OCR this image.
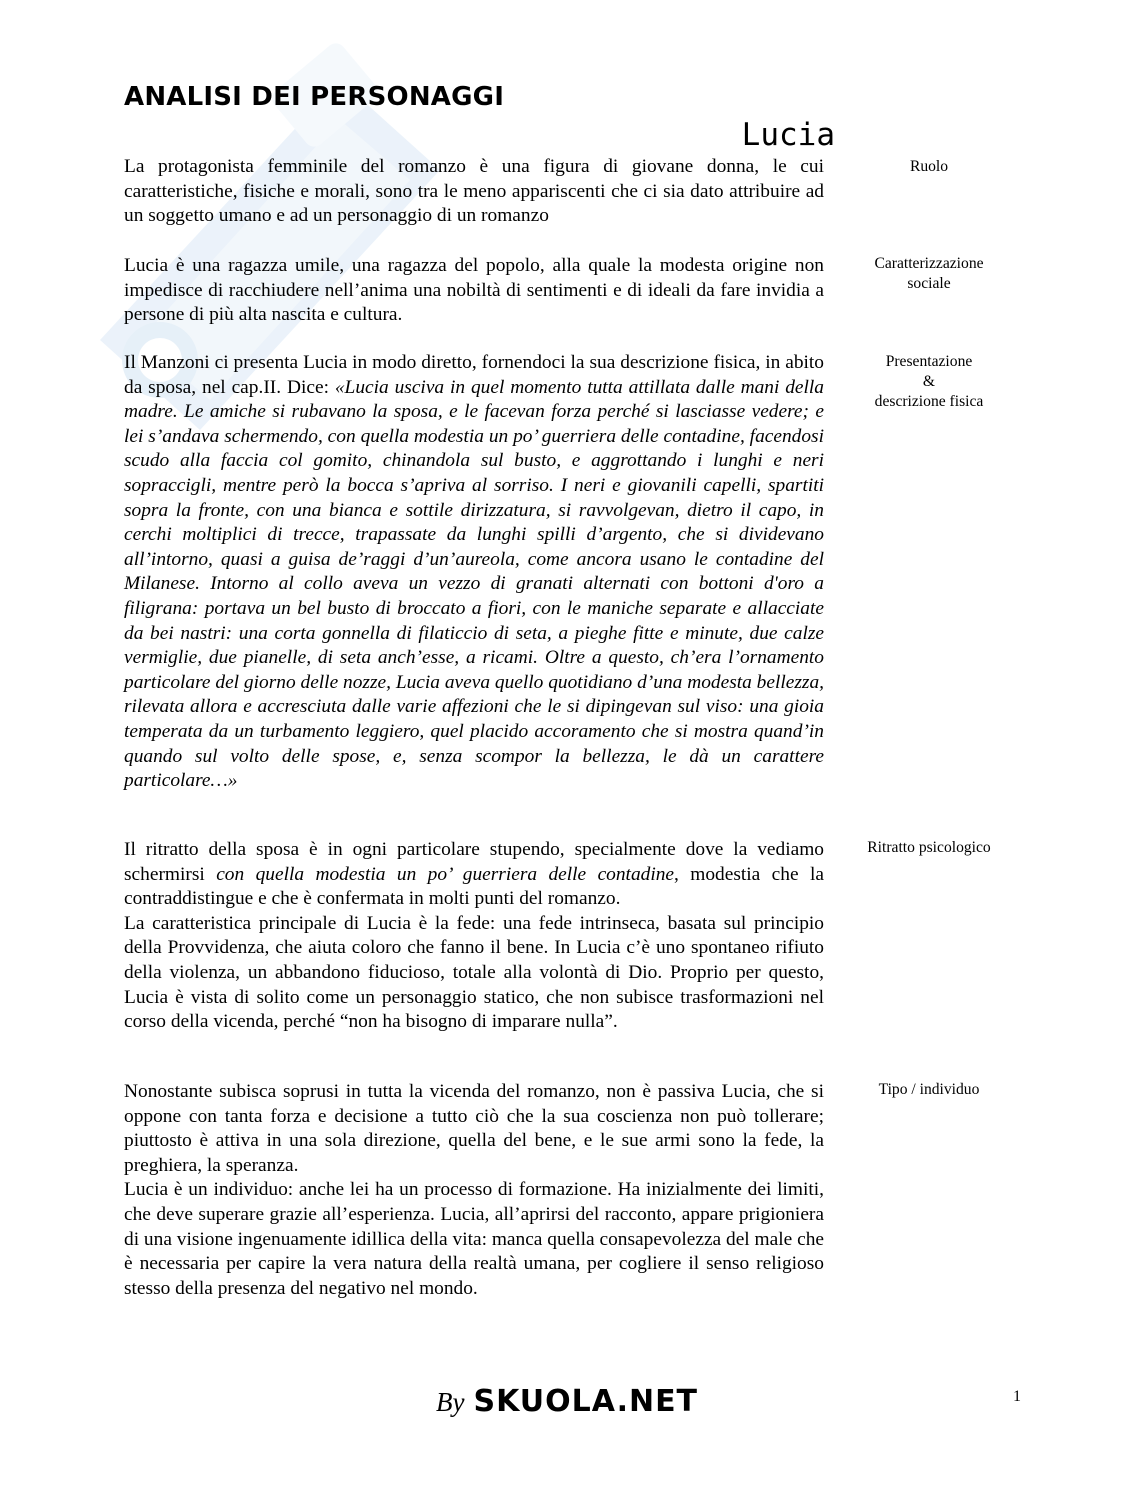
ANALISI DEI PERSONAGGI
Lucia

La protagonista femminile del romanzo è una figura di giovane donna, le cui caratteristiche, fisiche e morali, sono tra le meno appariscenti che ci sia dato attribuire ad un soggetto umano e ad un personaggio di un romanzo

Ruolo

Lucia è una ragazza umile, una ragazza del popolo, alla quale la modesta origine non impedisce di racchiudere nell’anima una nobiltà di sentimenti e di ideali da fare invidia a persone di più alta nascita e cultura.

Caratterizzazione
sociale

Il Manzoni ci presenta Lucia in modo diretto, fornendoci la sua descrizione fisica, in abito da sposa, nel cap.II. Dice: «Lucia usciva in quel momento tutta attillata dalle mani della madre. Le amiche si rubavano la sposa, e le facevan forza perché si lasciasse vedere; e lei s’andava schermendo, con quella modestia un po’ guerriera delle contadine, facendosi scudo alla faccia col gomito, chinandola sul busto, e aggrottando i lunghi e neri sopraccigli, mentre però la bocca s’apriva al sorriso. I neri e giovanili capelli, spartiti sopra la fronte, con una bianca e sottile dirizzatura, si ravvolgevan, dietro il capo, in cerchi moltiplici di trecce, trapassate da lunghi spilli d’argento, che si dividevano all’intorno, quasi a guisa de’raggi d’un’aureola, come ancora usano le contadine del Milanese. Intorno al collo aveva un vezzo di granati alternati con bottoni d'oro a filigrana: portava un bel busto di broccato a fiori, con le maniche separate e allacciate da bei nastri: una corta gonnella di filaticcio di seta, a pieghe fitte e minute, due calze vermiglie, due pianelle, di seta anch’esse, a ricami. Oltre a questo, ch’era l’ornamento particolare del giorno delle nozze, Lucia aveva quello quotidiano d’una modesta bellezza, rilevata allora e accresciuta dalle varie affezioni che le si dipingevan sul viso: una gioia temperata da un turbamento leggiero, quel placido accoramento che si mostra quand’in quando sul volto delle spose, e, senza scompor la bellezza, le dà un carattere particolare…»

Presentazione
&
descrizione fisica

Il ritratto della sposa è in ogni particolare stupendo, specialmente dove la vediamo schermirsi con quella modestia un po’ guerriera delle contadine, modestia che la contraddistingue e che è confermata in molti punti del romanzo.

La caratteristica principale di Lucia è la fede: una fede intrinseca, basata sul principio della Provvidenza, che aiuta coloro che fanno il bene. In Lucia c’è uno spontaneo rifiuto della violenza, un abbandono fiducioso, totale alla volontà di Dio. Proprio per questo, Lucia è vista di solito come un personaggio statico, che non subisce trasformazioni nel corso della vicenda, perché “non ha bisogno di imparare nulla”.

Ritratto psicologico

Nonostante subisca soprusi in tutta la vicenda del romanzo, non è passiva Lucia, che si oppone con tanta forza e decisione a tutto ciò che la sua coscienza non può tollerare; piuttosto è attiva in una sola direzione, quella del bene, e le sue armi sono la fede, la preghiera, la speranza.

Lucia è un individuo: anche lei ha un processo di formazione. Ha inizialmente dei limiti, che deve superare grazie all’esperienza. Lucia, all’aprirsi del racconto, appare prigioniera di una visione ingenuamente idillica della vita: manca quella consapevolezza del male che è necessaria per capire la vera natura della realtà umana, per cogliere il senso religioso stesso della presenza del negativo nel mondo.

Tipo / individuo
By SKUOLA.NET	1
